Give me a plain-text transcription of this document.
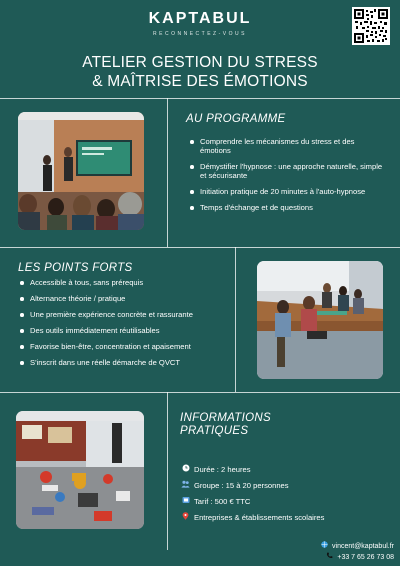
KAPTABUL
RECONNECTEZ-VOUS
ATELIER GESTION DU STRESS
& MAÎTRISE DES ÉMOTIONS
AU PROGRAMME
Comprendre les mécanismes du stress et des émotions
Démystifier l'hypnose : une approche naturelle, simple et sécurisante
Initiation pratique de 20 minutes à l'auto-hypnose
Temps d'échange et de questions
LES POINTS FORTS
Accessible à tous, sans prérequis
Alternance théorie / pratique
Une première expérience concrète et rassurante
Des outils immédiatement réutilisables
Favorise bien-être, concentration et apaisement
S'inscrit dans une réelle démarche de QVCT
INFORMATIONS
PRATIQUES
Durée : 2 heures
Groupe : 15 à 20 personnes
Tarif : 500 € TTC
Entreprises & établissements scolaires
vincent@kaptabul.fr
+33 7 65 26 73 08
